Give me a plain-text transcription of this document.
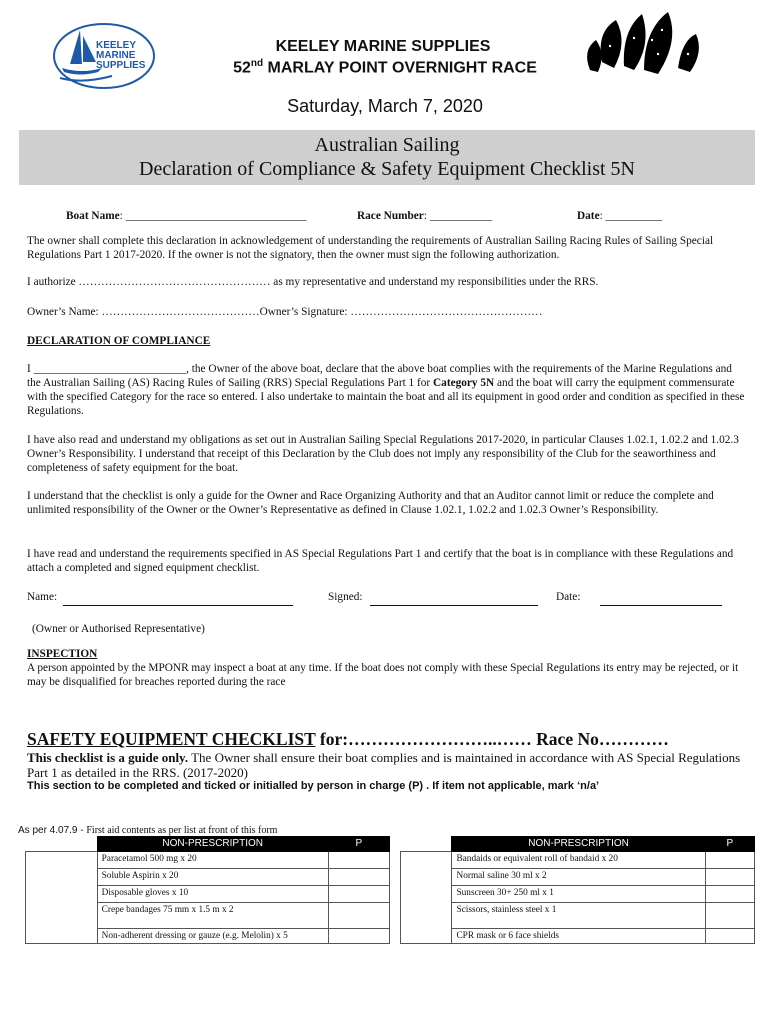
KEELEY
MARINE
SUPPLIES
KEELEY MARINE SUPPLIES
52nd MARLAY POINT OVERNIGHT RACE
Saturday, March 7, 2020
Australian Sailing
Declaration of Compliance & Safety Equipment Checklist 5N
Boat Name: ________________________________	Race Number: ___________	Date: __________
The owner shall complete this declaration in acknowledgement of understanding the requirements of Australian Sailing Racing Rules of Sailing Special Regulations Part 1 2017-2020. If the owner is not the signatory, then the owner must sign the following authorization.
I authorize …………………………………………… as my representative and understand my responsibilities under the RRS.
Owner’s Name: ……………………………………Owner’s Signature: ……………………………………………
DECLARATION OF COMPLIANCE
I ___________________________, the Owner of the above boat, declare that the above boat complies with the requirements of the Marine Regulations and the Australian Sailing (AS) Racing Rules of Sailing (RRS) Special Regulations Part 1 for Category 5N and the boat will carry the equipment commensurate with the specified Category for the race so entered. I also undertake to maintain the boat and all its equipment in good order and condition as specified in these Regulations.
I have also read and understand my obligations as set out in Australian Sailing Special Regulations 2017-2020, in particular Clauses 1.02.1, 1.02.2 and 1.02.3 Owner’s Responsibility. I understand that receipt of this Declaration by the Club does not imply any responsibility of the Club for the seaworthiness and completeness of safety equipment for the boat.
I understand that the checklist is only a guide for the Owner and Race Organizing Authority and that an Auditor cannot limit or reduce the complete and unlimited responsibility of the Owner or the Owner’s Representative as defined in Clause 1.02.1, 1.02.2 and 1.02.3 Owner’s Responsibility.
I have read and understand the requirements specified in AS Special Regulations Part 1 and certify that the boat is in compliance with these Regulations and attach a completed and signed equipment checklist.
Name:	Signed:	Date:
(Owner or Authorised Representative)
INSPECTION
A person appointed by the MPONR may inspect a boat at any time. If the boat does not comply with these Special Regulations its entry may be rejected, or it may be disqualified for breaches reported during the race
SAFETY EQUIPMENT CHECKLIST for:……………………..…… Race No…………
This checklist is a guide only. The Owner shall ensure their boat complies and is maintained in accordance with AS Special Regulations Part 1 as detailed in the RRS. (2017-2020)
This section to be completed and ticked or initialled by person in charge (P) . If item not applicable, mark ‘n/a’
As per 4.07.9 - First aid contents as per list at front of this form
	NON-PRESCRIPTION	P
	Paracetamol 500 mg x 20	
	Soluble Aspirin x 20	
	Disposable gloves x 10	
	Crepe bandages 75 mm x 1.5 m x 2	
	Non-adherent dressing or gauze (e.g. Melolin) x 5	
	NON-PRESCRIPTION	P
	Bandaids or equivalent roll of bandaid x 20	
	Normal saline 30 ml x 2	
	Sunscreen 30+ 250 ml x 1	
	Scissors, stainless steel x 1	
	CPR mask or 6 face shields	
